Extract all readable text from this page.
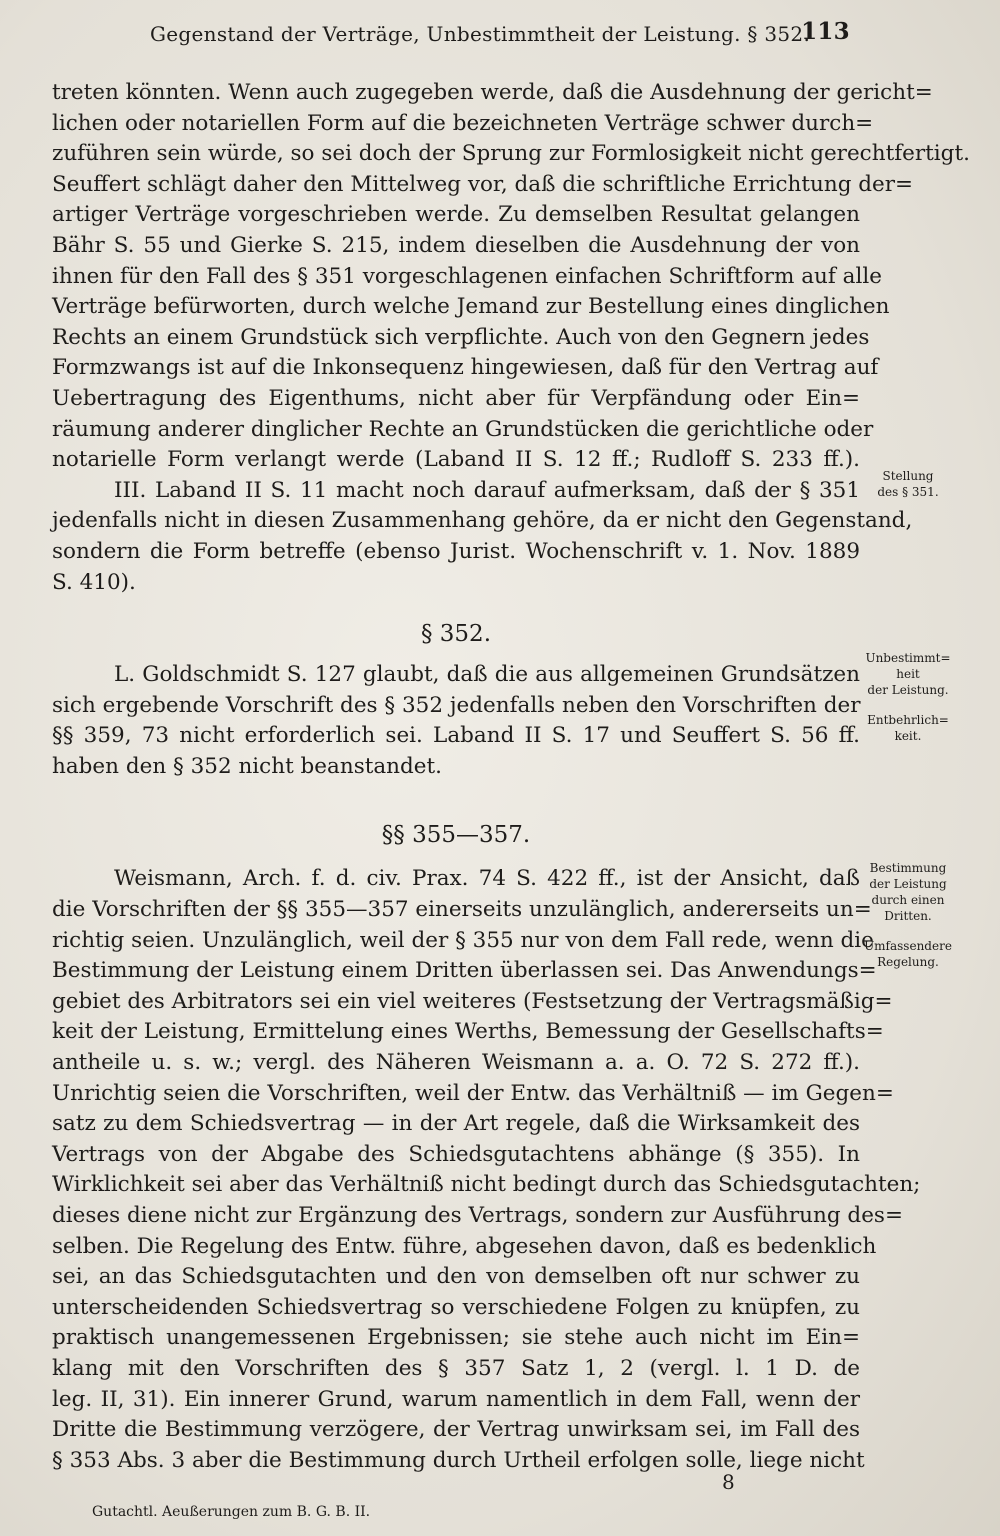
Gegenstand der Verträge, Unbestimmtheit der Leistung. § 352.
113
treten könnten. Wenn auch zugegeben werde, daß die Ausdehnung der gericht=
lichen oder notariellen Form auf die bezeichneten Verträge schwer durch=
zuführen sein würde, so sei doch der Sprung zur Formlosigkeit nicht gerechtfertigt.
Seuffert schlägt daher den Mittelweg vor, daß die schriftliche Errichtung der=
artiger Verträge vorgeschrieben werde. Zu demselben Resultat gelangen
Bähr S. 55 und Gierke S. 215, indem dieselben die Ausdehnung der von
ihnen für den Fall des § 351 vorgeschlagenen einfachen Schriftform auf alle
Verträge befürworten, durch welche Jemand zur Bestellung eines dinglichen
Rechts an einem Grundstück sich verpflichte. Auch von den Gegnern jedes
Formzwangs ist auf die Inkonsequenz hingewiesen, daß für den Vertrag auf
Uebertragung des Eigenthums, nicht aber für Verpfändung oder Ein=
räumung anderer dinglicher Rechte an Grundstücken die gerichtliche oder
notarielle Form verlangt werde (Laband II S. 12 ff.; Rudloff S. 233 ff.).
III. Laband II S. 11 macht noch darauf aufmerksam, daß der § 351
jedenfalls nicht in diesen Zusammenhang gehöre, da er nicht den Gegenstand,
sondern die Form betreffe (ebenso Jurist. Wochenschrift v. 1. Nov. 1889
S. 410).
§ 352.
L. Goldschmidt S. 127 glaubt, daß die aus allgemeinen Grundsätzen
sich ergebende Vorschrift des § 352 jedenfalls neben den Vorschriften der
§§ 359, 73 nicht erforderlich sei. Laband II S. 17 und Seuffert S. 56 ff.
haben den § 352 nicht beanstandet.
§§ 355—357.
Weismann, Arch. f. d. civ. Prax. 74 S. 422 ff., ist der Ansicht, daß
die Vorschriften der §§ 355—357 einerseits unzulänglich, andererseits un=
richtig seien. Unzulänglich, weil der § 355 nur von dem Fall rede, wenn die
Bestimmung der Leistung einem Dritten überlassen sei. Das Anwendungs=
gebiet des Arbitrators sei ein viel weiteres (Festsetzung der Vertragsmäßig=
keit der Leistung, Ermittelung eines Werths, Bemessung der Gesellschafts=
antheile u. s. w.; vergl. des Näheren Weismann a. a. O. 72 S. 272 ff.).
Unrichtig seien die Vorschriften, weil der Entw. das Verhältniß — im Gegen=
satz zu dem Schiedsvertrag — in der Art regele, daß die Wirksamkeit des
Vertrags von der Abgabe des Schiedsgutachtens abhänge (§ 355). In
Wirklichkeit sei aber das Verhältniß nicht bedingt durch das Schiedsgutachten;
dieses diene nicht zur Ergänzung des Vertrags, sondern zur Ausführung des=
selben. Die Regelung des Entw. führe, abgesehen davon, daß es bedenklich
sei, an das Schiedsgutachten und den von demselben oft nur schwer zu
unterscheidenden Schiedsvertrag so verschiedene Folgen zu knüpfen, zu
praktisch unangemessenen Ergebnissen; sie stehe auch nicht im Ein=
klang mit den Vorschriften des § 357 Satz 1, 2 (vergl. l. 1 D. de
leg. II, 31). Ein innerer Grund, warum namentlich in dem Fall, wenn der
Dritte die Bestimmung verzögere, der Vertrag unwirksam sei, im Fall des
§ 353 Abs. 3 aber die Bestimmung durch Urtheil erfolgen solle, liege nicht
Stellung
des § 351.
Unbestimmt=
heit
der Leistung.
Entbehrlich=
keit.
Bestimmung
der Leistung
durch einen
Dritten.
Umfassendere
Regelung.
8
Gutachtl. Aeußerungen zum B. G. B. II.
